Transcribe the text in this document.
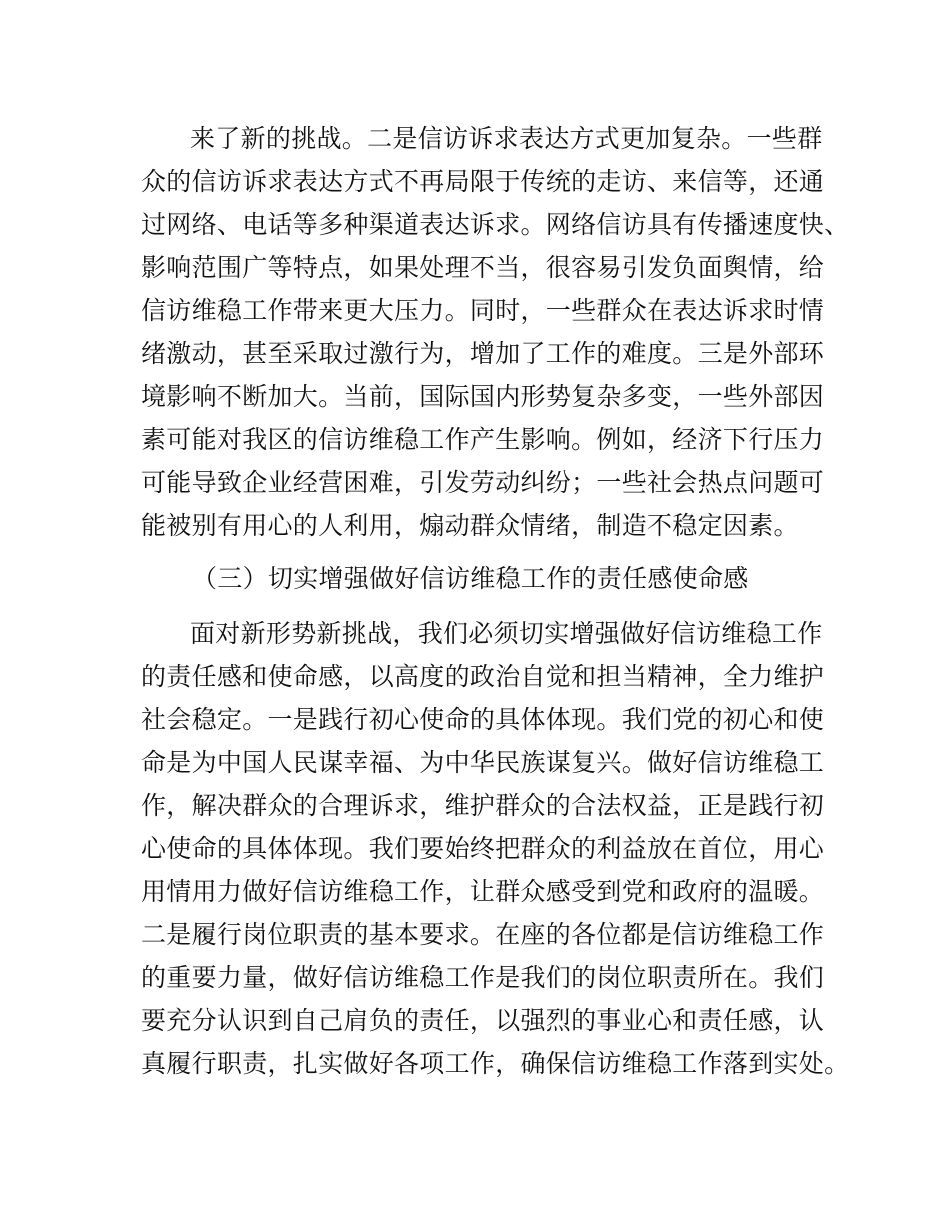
来了新的挑战。二是信访诉求表达方式更加复杂。一些群

众的信访诉求表达方式不再局限于传统的走访、来信等，还通

过网络、电话等多种渠道表达诉求。网络信访具有传播速度快、

影响范围广等特点，如果处理不当，很容易引发负面舆情，给

信访维稳工作带来更大压力。同时，一些群众在表达诉求时情

绪激动，甚至采取过激行为，增加了工作的难度。三是外部环

境影响不断加大。当前，国际国内形势复杂多变，一些外部因

素可能对我区的信访维稳工作产生影响。例如，经济下行压力

可能导致企业经营困难，引发劳动纠纷；一些社会热点问题可

能被别有用心的人利用，煽动群众情绪，制造不稳定因素。

（三）切实增强做好信访维稳工作的责任感使命感

面对新形势新挑战，我们必须切实增强做好信访维稳工作

的责任感和使命感，以高度的政治自觉和担当精神，全力维护

社会稳定。一是践行初心使命的具体体现。我们党的初心和使

命是为中国人民谋幸福、为中华民族谋复兴。做好信访维稳工

作，解决群众的合理诉求，维护群众的合法权益，正是践行初

心使命的具体体现。我们要始终把群众的利益放在首位，用心

用情用力做好信访维稳工作，让群众感受到党和政府的温暖。

二是履行岗位职责的基本要求。在座的各位都是信访维稳工作

的重要力量，做好信访维稳工作是我们的岗位职责所在。我们

要充分认识到自己肩负的责任，以强烈的事业心和责任感，认

真履行职责，扎实做好各项工作，确保信访维稳工作落到实处。
